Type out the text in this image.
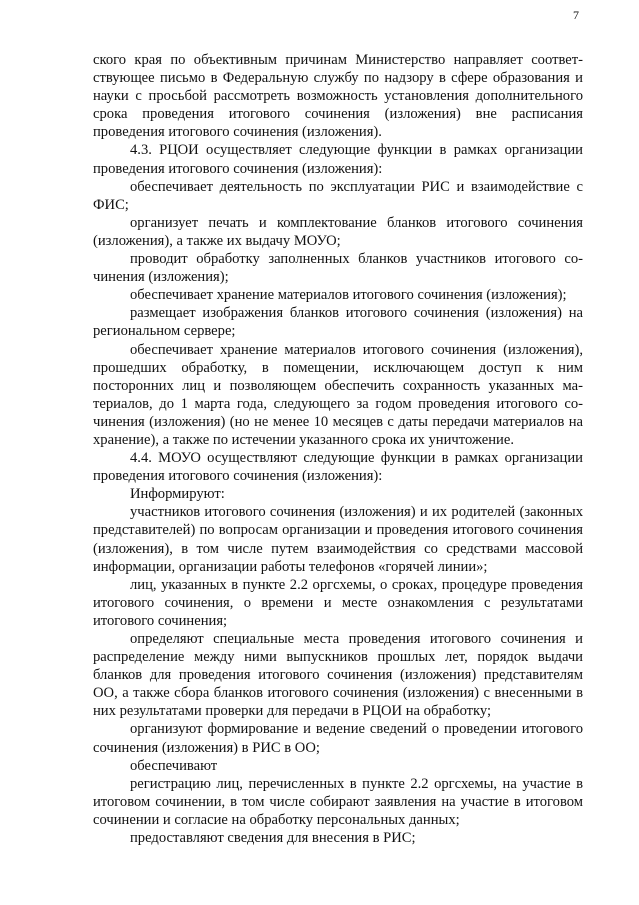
7

ского края по объективным причинам Министерство направляет соответствующее письмо в Федеральную службу по надзору в сфере образования и науки с просьбой рассмотреть возможность установления дополнительного срока проведения итогового сочинения (изложения) вне расписания проведения итогового сочинения (изложения).

4.3. РЦОИ осуществляет следующие функции в рамках организации проведения итогового сочинения (изложения):

обеспечивает деятельность по эксплуатации РИС и взаимодействие с ФИС;

организует печать и комплектование бланков итогового сочинения (изложения), а также их выдачу МОУО;

проводит обработку заполненных бланков участников итогового сочинения (изложения);

обеспечивает хранение материалов итогового сочинения (изложения);

размещает изображения бланков итогового сочинения (изложения) на региональном сервере;

обеспечивает хранение материалов итогового сочинения (изложения), прошедших обработку, в помещении, исключающем доступ к ним посторонних лиц и позволяющем обеспечить сохранность указанных материалов, до 1 марта года, следующего за годом проведения итогового сочинения (изложения) (но не менее 10 месяцев с даты передачи материалов на хранение), а также по истечении указанного срока их уничтожение.

4.4. МОУО осуществляют следующие функции в рамках организации проведения итогового сочинения (изложения):

Информируют:

участников итогового сочинения (изложения) и их родителей (законных представителей) по вопросам организации и проведения итогового сочинения (изложения), в том числе путем взаимодействия со средствами массовой информации, организации работы телефонов «горячей линии»;

лиц, указанных в пункте 2.2 оргсхемы, о сроках, процедуре проведения итогового сочинения, о времени и месте ознакомления с результатами итогового сочинения;

определяют специальные места проведения итогового сочинения и распределение между ними выпускников прошлых лет, порядок выдачи бланков для проведения итогового сочинения (изложения) представителям ОО, а также сбора бланков итогового сочинения (изложения) с внесенными в них результатами проверки для передачи в РЦОИ на обработку;

организуют формирование и ведение сведений о проведении итогового сочинения (изложения) в РИС в ОО;

обеспечивают

регистрацию лиц, перечисленных в пункте 2.2 оргсхемы, на участие в итоговом сочинении, в том числе собирают заявления на участие в итоговом сочинении и согласие на обработку персональных данных;

предоставляют сведения для внесения в РИС;
